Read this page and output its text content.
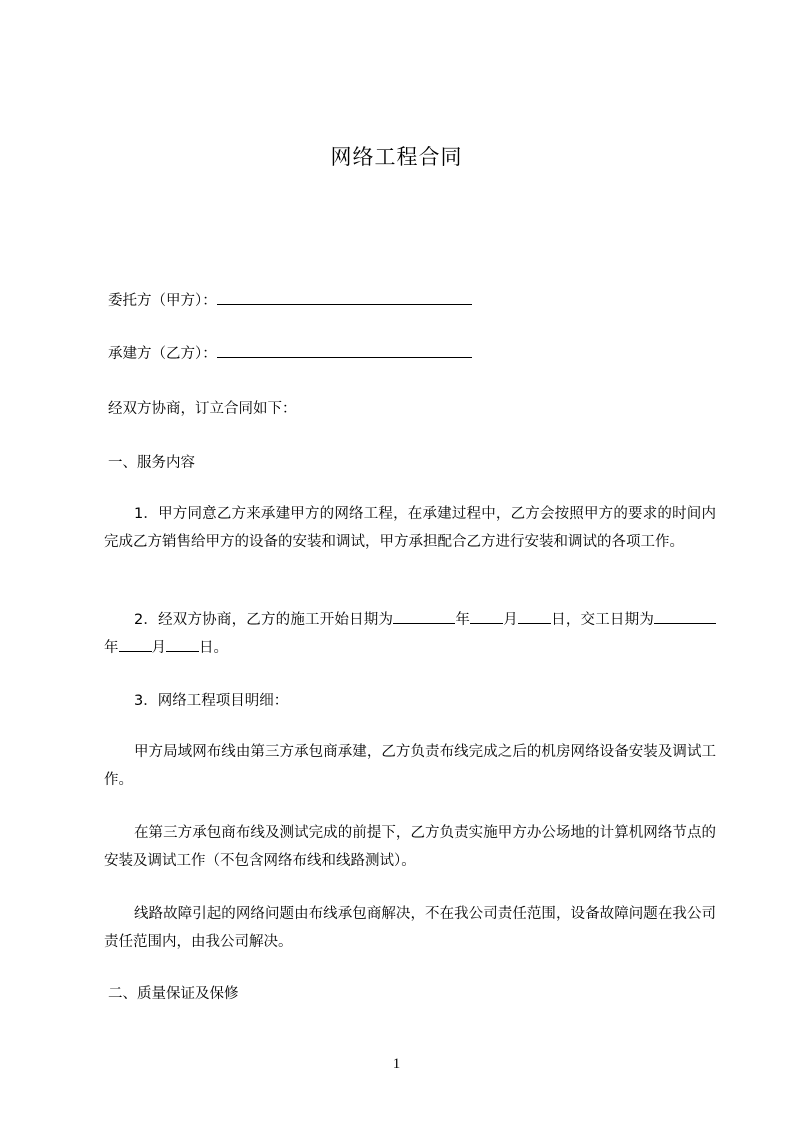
网络工程合同
委托方（甲方）：
承建方（乙方）：
经双方协商，订立合同如下：
一、服务内容
1．甲方同意乙方来承建甲方的网络工程，在承建过程中，乙方会按照甲方的要求的时间内完成乙方销售给甲方的设备的安装和调试，甲方承担配合乙方进行安装和调试的各项工作。
2．经双方协商，乙方的施工开始日期为	年 月 日，交工日期为年 月 日。
3．网络工程项目明细：
甲方局域网布线由第三方承包商承建，乙方负责布线完成之后的机房网络设备安装及调试工作。
在第三方承包商布线及测试完成的前提下，乙方负责实施甲方办公场地的计算机网络节点的安装及调试工作（不包含网络布线和线路测试）。
线路故障引起的网络问题由布线承包商解决，不在我公司责任范围，设备故障问题在我公司责任范围内，由我公司解决。
二、质量保证及保修
1
